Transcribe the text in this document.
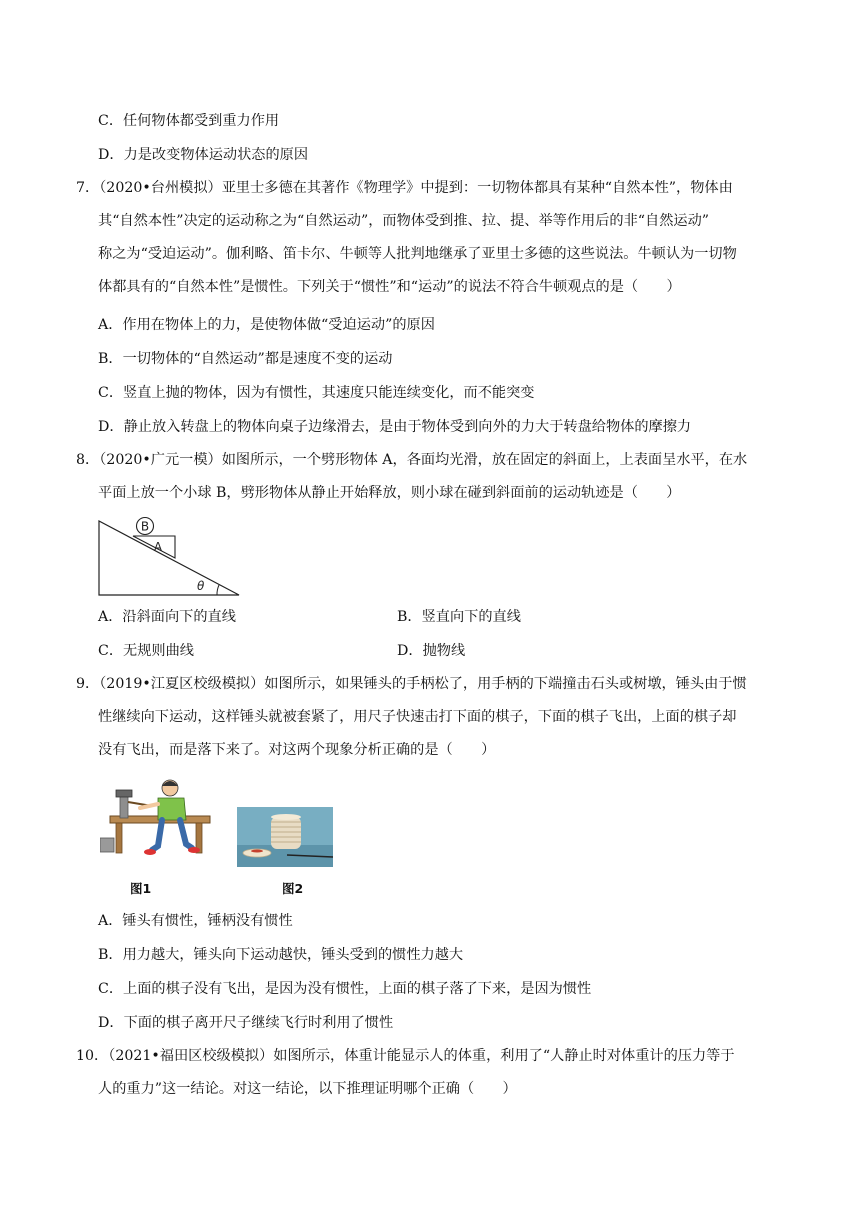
C．任何物体都受到重力作用
D．力是改变物体运动状态的原因
7．（2020•台州模拟）亚里士多德在其著作《物理学》中提到：一切物体都具有某种“自然本性”，物体由
其“自然本性”决定的运动称之为“自然运动”，而物体受到推、拉、提、举等作用后的非“自然运动”
称之为“受迫运动”。伽利略、笛卡尔、牛顿等人批判地继承了亚里士多德的这些说法。牛顿认为一切物
体都具有的“自然本性”是惯性。下列关于“惯性”和“运动”的说法不符合牛顿观点的是（　　）
A．作用在物体上的力，是使物体做“受迫运动”的原因
B．一切物体的“自然运动”都是速度不变的运动
C．竖直上抛的物体，因为有惯性，其速度只能连续变化，而不能突变
D．静止放入转盘上的物体向桌子边缘滑去，是由于物体受到向外的力大于转盘给物体的摩擦力
8．（2020•广元一模）如图所示，一个劈形物体 A，各面均光滑，放在固定的斜面上，上表面呈水平，在水
平面上放一个小球 B，劈形物体从静止开始释放，则小球在碰到斜面前的运动轨迹是（　　）
B
A
θ
A．沿斜面向下的直线	B．竖直向下的直线
C．无规则曲线	D．抛物线
9．（2019•江夏区校级模拟）如图所示，如果锤头的手柄松了，用手柄的下端撞击石头或树墩，锤头由于惯
性继续向下运动，这样锤头就被套紧了，用尺子快速击打下面的棋子，下面的棋子飞出，上面的棋子却
没有飞出，而是落下来了。对这两个现象分析正确的是（　　）
图1	图2
A．锤头有惯性，锤柄没有惯性
B．用力越大，锤头向下运动越快，锤头受到的惯性力越大
C．上面的棋子没有飞出，是因为没有惯性，上面的棋子落了下来，是因为惯性
D．下面的棋子离开尺子继续飞行时利用了惯性
10．（2021•福田区校级模拟）如图所示，体重计能显示人的体重，利用了“人静止时对体重计的压力等于
人的重力”这一结论。对这一结论，以下推理证明哪个正确（　　）
